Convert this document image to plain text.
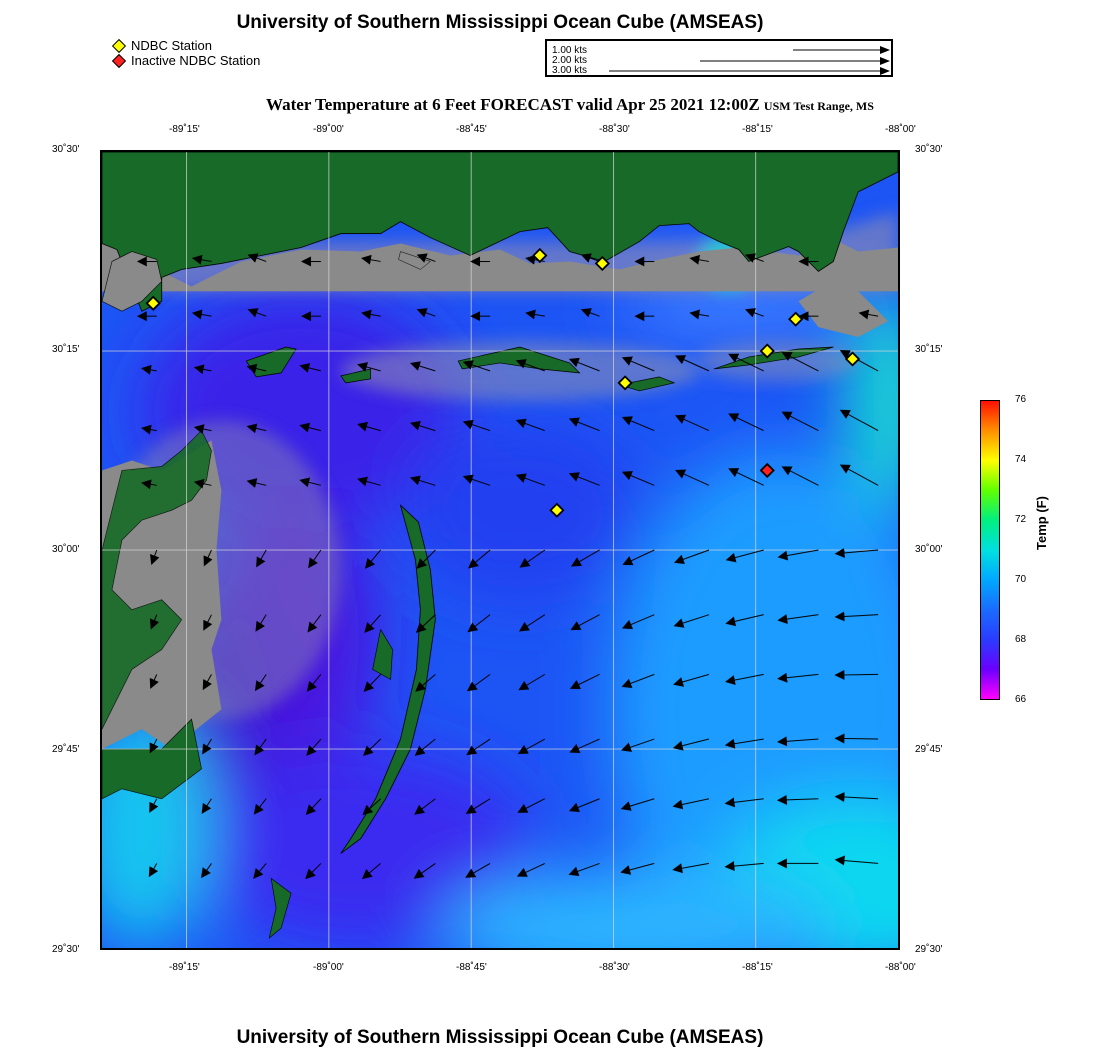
University of Southern Mississippi Ocean Cube (AMSEAS)
NDBC Station
Inactive NDBC Station
1.00 kts
2.00 kts
3.00 kts
Water Temperature at 6 Feet FORECAST valid Apr 25 2021 12:00Z USM Test Range, MS
-89˚15'	-89˚00'	-88˚45'	-88˚30'	-88˚15'	-88˚00'
-89˚15'	-89˚00'	-88˚45'	-88˚30'	-88˚15'	-88˚00'
30˚30'
30˚15'
30˚00'
29˚45'
29˚30'
30˚30'
30˚15'
30˚00'
29˚45'
29˚30'
76
74
72
70
68
66
Temp (F)
University of Southern Mississippi Ocean Cube (AMSEAS)
